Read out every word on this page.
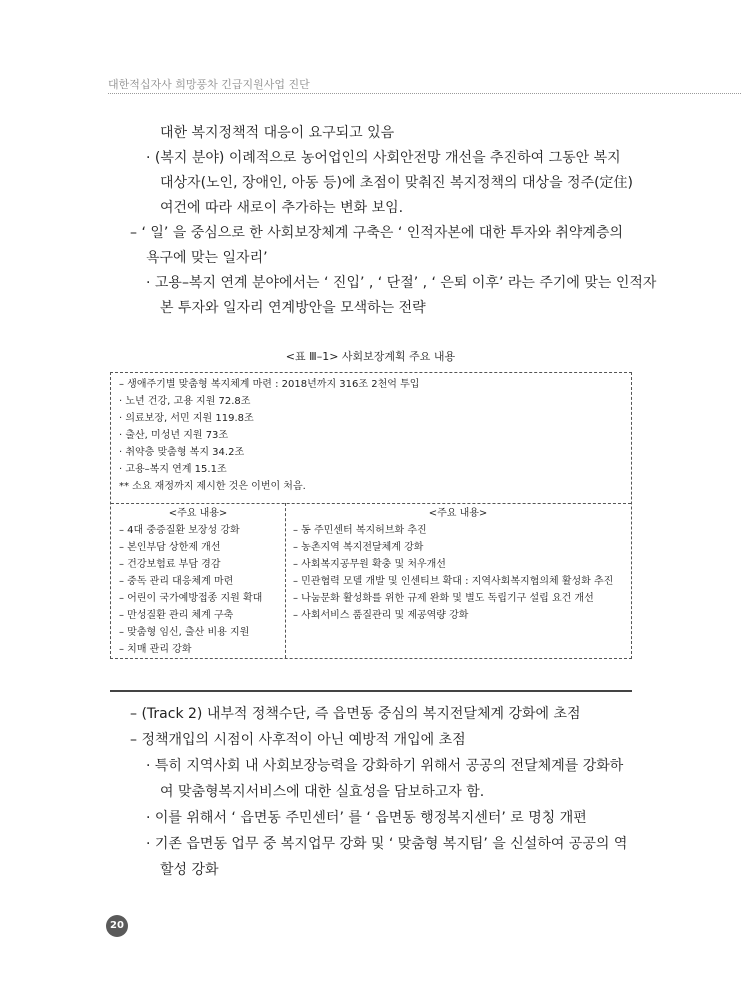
대한적십자사 희망풍차 긴급지원사업 진단
대한 복지정책적 대응이 요구되고 있음
· (복지 분야) 이례적으로 농어업인의 사회안전망 개선을 추진하여 그동안 복지
대상자(노인, 장애인, 아동 등)에 초점이 맞춰진 복지정책의 대상을 정주(定住)
여건에 따라 새로이 추가하는 변화 보임.
– ‘ 일’ 을 중심으로 한 사회보장체계 구축은 ‘ 인적자본에 대한 투자와 취약계층의
욕구에 맞는 일자리’
· 고용–복지 연계 분야에서는 ‘ 진입’ , ‘ 단절’ , ‘ 은퇴 이후’ 라는 주기에 맞는 인적자
본 투자와 일자리 연계방안을 모색하는 전략
<표 Ⅲ–1> 사회보장계획 주요 내용
– 생애주기별 맞춤형 복지체계 마련 : 2018년까지 316조 2천억 투입
· 노년 건강, 고용 지원 72.8조
· 의료보장, 서민 지원 119.8조
· 출산, 미성년 지원 73조
· 취약층 맞춤형 복지 34.2조
· 고용–복지 연계 15.1조
** 소요 재정까지 제시한 것은 이번이 처음.
<주요 내용>
– 4대 중증질환 보장성 강화
– 본인부담 상한제 개선
– 건강보험료 부담 경감
– 중독 관리 대응체계 마련
– 어린이 국가예방접종 지원 확대
– 만성질환 관리 체계 구축
– 맞춤형 임신, 출산 비용 지원
– 치매 관리 강화
<주요 내용>
– 동 주민센터 복지허브화 추진
– 농촌지역 복지전달체계 강화
– 사회복지공무원 확충 및 처우개선
– 민관협력 모델 개발 및 인센티브 확대 : 지역사회복지협의체 활성화 추진
– 나눔문화 활성화를 위한 규제 완화 및 별도 독립기구 설립 요건 개선
– 사회서비스 품질관리 및 제공역량 강화
– (Track 2) 내부적 정책수단, 즉 읍면동 중심의 복지전달체계 강화에 초점
– 정책개입의 시점이 사후적이 아닌 예방적 개입에 초점
· 특히 지역사회 내 사회보장능력을 강화하기 위해서 공공의 전달체계를 강화하
여 맞춤형복지서비스에 대한 실효성을 담보하고자 함.
· 이를 위해서 ‘ 읍면동 주민센터’ 를 ‘ 읍면동 행정복지센터’ 로 명칭 개편
· 기존 읍면동 업무 중 복지업무 강화 및 ‘ 맞춤형 복지팀’ 을 신설하여 공공의 역
할성 강화
20
